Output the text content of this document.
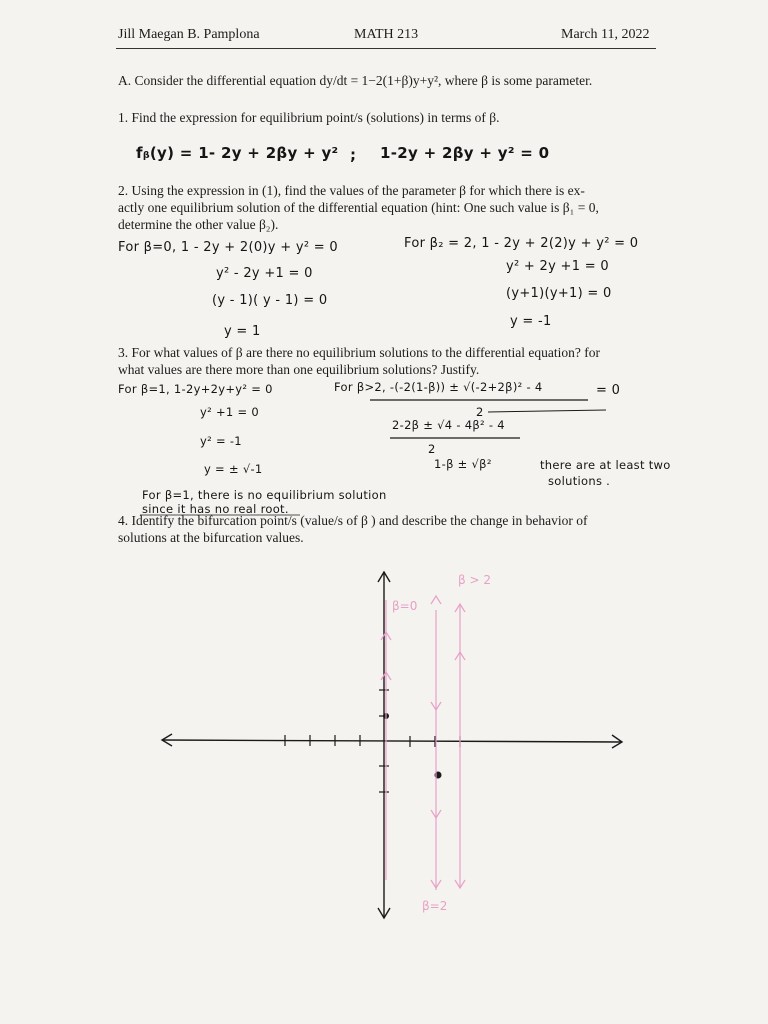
Jill Maegan B. Pamplona	MATH 213	March 11, 2022
A. Consider the differential equation dy/dt = 1−2(1+β)y+y², where β is some parameter.
1. Find the expression for equilibrium point/s (solutions) in terms of β.
fᵦ(y) = 1- 2y + 2βy + y² ; 1-2y + 2βy + y² = 0
2. Using the expression in (1), find the values of the parameter β for which there is ex-
actly one equilibrium solution of the differential equation (hint: One such value is β₁ = 0,
determine the other value β₂).
For β=0, 1 - 2y + 2(0)y + y² = 0
y² - 2y +1 = 0
(y - 1)( y - 1) = 0
y = 1
For β₂ = 2, 1 - 2y + 2(2)y + y² = 0
y² + 2y +1 = 0
(y+1)(y+1) = 0
y = -1
3. For what values of β are there no equilibrium solutions to the differential equation? for
what values are there more than one equilibrium solutions? Justify.
For β=1, 1-2y+2y+y² = 0
y² +1 = 0
y² = -1
y = ± √-1
For β>2, -(-2(1-β)) ± √(-2+2β)² - 4	= 0
2
2-2β ± √4 - 4β² - 4
2
1-β ± √β²	there are at least two
solutions .
For β=1, there is no equilibrium solution
since it has no real root.
4. Identify the bifurcation point/s (value/s of β ) and describe the change in behavior of
solutions at the bifurcation values.
β=0
β > 2
β=2
